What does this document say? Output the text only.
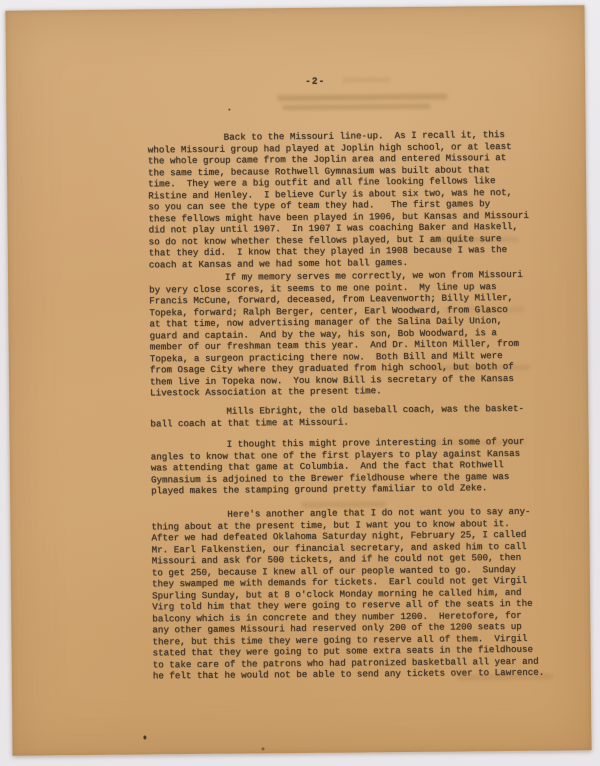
-2-
Back to the Missouri line-up.  As I recall it, this
whole Missouri group had played at Joplin high school, or at least
the whole group came from the Joplin area and entered Missouri at
the same time, because Rothwell Gymnasium was built about that
time.  They were a big outfit and all fine looking fellows like
Ristine and Henley.  I believe Curly is about six two, was he not,
so you can see the type of team they had.   The first games by
these fellows might have been played in 1906, but Kansas and Missouri
did not play until 1907.  In 1907 I was coaching Baker and Haskell,
so do not know whether these fellows played, but I am quite sure
that they did.  I know that they played in 1908 because I was the
coach at Kansas and we had some hot ball games.
If my memory serves me correctly, we won from Missouri
by very close scores, it seems to me one point.  My line up was
Francis McCune, forward, deceased, from Leavenworth; Billy Miller,
Topeka, forward; Ralph Berger, center, Earl Woodward, from Glasco
at that time, now advertising manager of the Salina Daily Union,
guard and captain.  And by the way, his son, Bob Woodward, is a
member of our freshman team this year.  And Dr. Milton Miller, from
Topeka, a surgeon practicing there now.  Both Bill and Milt were
from Osage City where they graduated from high school, but both of
them live in Topeka now.  You know Bill is secretary of the Kansas
Livestock Association at the present time.
Mills Ebright, the old baseball coach, was the basket-
ball coach at that time at Missouri.
I thought this might prove interesting in some of your
angles to know that one of the first players to play against Kansas
was attending that game at Columbia.  And the fact that Rothwell
Gymnasium is adjoined to the Brewer fieldhouse where the game was
played makes the stamping ground pretty familiar to old Zeke.
Here's another angle that I do not want you to say any-
thing about at the present time, but I want you to know about it.
After we had defeated Oklahoma Saturday night, February 25, I called
Mr. Earl Falkenstien, our financial secretary, and asked him to call
Missouri and ask for 500 tickets, and if he could not get 500, then
to get 250, because I knew all of our people wanted to go.  Sunday
they swamped me with demands for tickets.  Earl could not get Virgil
Spurling Sunday, but at 8 o'clock Monday morning he called him, and
Virg told him that they were going to reserve all of the seats in the
balcony which is in concrete and they number 1200.  Heretofore, for
any other games Missouri had reserved only 200 of the 1200 seats up
there, but this time they were going to reserve all of them.  Virgil
stated that they were going to put some extra seats in the fieldhouse
to take care of the patrons who had patronized basketball all year and
he felt that he would not be able to send any tickets over to Lawrence.
